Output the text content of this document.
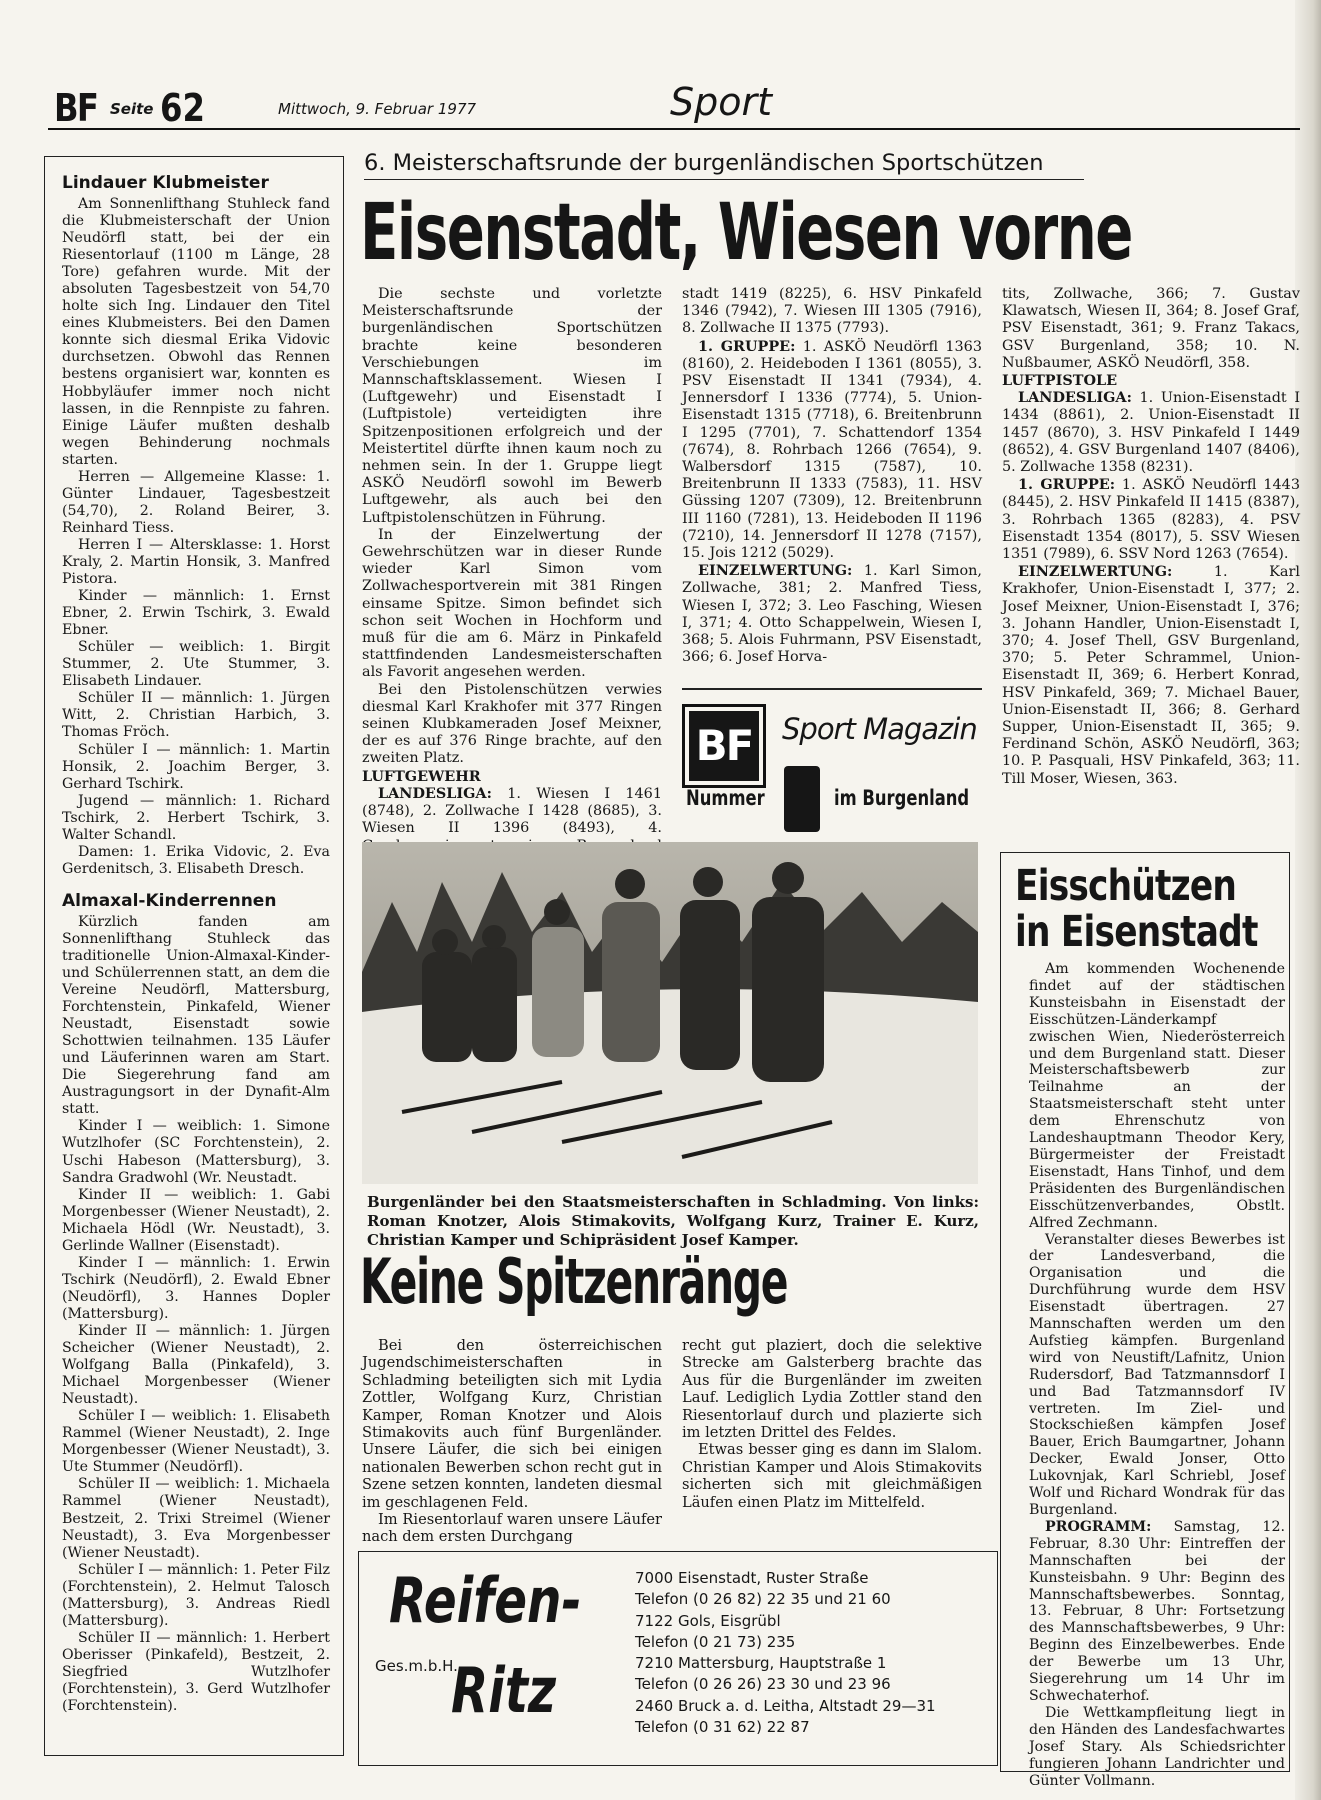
BF Seite 62	Mittwoch, 9. Februar 1977	Sport
Lindauer Klubmeister

Am Sonnenlifthang Stuhleck fand die Klubmeisterschaft der Union Neudörfl statt, bei der ein Riesentorlauf (1100 m Länge, 28 Tore) gefahren wurde. Mit der absoluten Tagesbestzeit von 54,70 holte sich Ing. Lindauer den Titel eines Klubmeisters. Bei den Damen konnte sich diesmal Erika Vidovic durchsetzen. Obwohl das Rennen bestens organisiert war, konnten es Hobbyläufer immer noch nicht lassen, in die Rennpiste zu fahren. Einige Läufer mußten deshalb wegen Behinderung nochmals starten.

Herren — Allgemeine Klasse: 1. Günter Lindauer, Tagesbestzeit (54,70), 2. Roland Beirer, 3. Reinhard Tiess.

Herren I — Altersklasse: 1. Horst Kraly, 2. Martin Honsik, 3. Manfred Pistora.

Kinder — männlich: 1. Ernst Ebner, 2. Erwin Tschirk, 3. Ewald Ebner.

Schüler — weiblich: 1. Birgit Stummer, 2. Ute Stummer, 3. Elisabeth Lindauer.

Schüler II — männlich: 1. Jürgen Witt, 2. Christian Harbich, 3. Thomas Fröch.

Schüler I — männlich: 1. Martin Honsik, 2. Joachim Berger, 3. Gerhard Tschirk.

Jugend — männlich: 1. Richard Tschirk, 2. Herbert Tschirk, 3. Walter Schandl.

Damen: 1. Erika Vidovic, 2. Eva Gerdenitsch, 3. Elisabeth Dresch.

Almaxal-Kinderrennen

Kürzlich fanden am Sonnenlifthang Stuhleck das traditionelle Union-Almaxal-Kinder- und Schülerrennen statt, an dem die Vereine Neudörfl, Mattersburg, Forchtenstein, Pinkafeld, Wiener Neustadt, Eisenstadt sowie Schottwien teilnahmen. 135 Läufer und Läuferinnen waren am Start. Die Siegerehrung fand am Austragungsort in der Dynafit-Alm statt.

Kinder I — weiblich: 1. Simone Wutzlhofer (SC Forchtenstein), 2. Uschi Habeson (Mattersburg), 3. Sandra Gradwohl (Wr. Neustadt.

Kinder II — weiblich: 1. Gabi Morgenbesser (Wiener Neustadt), 2. Michaela Hödl (Wr. Neustadt), 3. Gerlinde Wallner (Eisenstadt).

Kinder I — männlich: 1. Erwin Tschirk (Neudörfl), 2. Ewald Ebner (Neudörfl), 3. Hannes Dopler (Mattersburg).

Kinder II — männlich: 1. Jürgen Scheicher (Wiener Neustadt), 2. Wolfgang Balla (Pinkafeld), 3. Michael Morgenbesser (Wiener Neustadt).

Schüler I — weiblich: 1. Elisabeth Rammel (Wiener Neustadt), 2. Inge Morgenbesser (Wiener Neustadt), 3. Ute Stummer (Neudörfl).

Schüler II — weiblich: 1. Michaela Rammel (Wiener Neustadt), Bestzeit, 2. Trixi Streimel (Wiener Neustadt), 3. Eva Morgenbesser (Wiener Neustadt).

Schüler I — männlich: 1. Peter Filz (Forchtenstein), 2. Helmut Talosch (Mattersburg), 3. Andreas Riedl (Mattersburg).

Schüler II — männlich: 1. Herbert Oberisser (Pinkafeld), Bestzeit, 2. Siegfried Wutzlhofer (Forchtenstein), 3. Gerd Wutzlhofer (Forchtenstein).

6. Meisterschaftsrunde der burgenländischen Sportschützen
Eisenstadt, Wiesen vorne

Die sechste und vorletzte Meisterschaftsrunde der burgenländischen Sportschützen brachte keine besonderen Verschiebungen im Mannschaftsklassement. Wiesen I (Luftgewehr) und Eisenstadt I (Luftpistole) verteidigten ihre Spitzenpositionen erfolgreich und der Meistertitel dürfte ihnen kaum noch zu nehmen sein. In der 1. Gruppe liegt ASKÖ Neudörfl sowohl im Bewerb Luftgewehr, als auch bei den Luftpistolenschützen in Führung.

In der Einzelwertung der Gewehrschützen war in dieser Runde wieder Karl Simon vom Zollwachesportverein mit 381 Ringen einsame Spitze. Simon befindet sich schon seit Wochen in Hochform und muß für die am 6. März in Pinkafeld stattfindenden Landesmeisterschaften als Favorit angesehen werden.

Bei den Pistolenschützen verwies diesmal Karl Krakhofer mit 377 Ringen seinen Klubkameraden Josef Meixner, der es auf 376 Ringe brachte, auf den zweiten Platz.

LUFTGEWEHR

LANDESLIGA: 1. Wiesen I 1461 (8748), 2. Zollwache I 1428 (8685), 3. Wiesen II 1396 (8493), 4.

stadt 1419 (8225), 6. HSV Pinkafeld 1346 (7942), 7. Wiesen III 1305 (7916), 8. Zollwache II 1375 (7793).

1. GRUPPE: 1. ASKÖ Neudörfl 1363 (8160), 2. Heideboden I 1361 (8055), 3. PSV Eisenstadt II 1341 (7934), 4. Jennersdorf I 1336 (7774), 5. Union-Eisenstadt 1315 (7718), 6. Breitenbrunn I 1295 (7701), 7. Schattendorf 1354 (7674), 8. Rohrbach 1266 (7654), 9. Walbersdorf 1315 (7587), 10. Breitenbrunn II 1333 (7583), 11. HSV Güssing 1207 (7309), 12. Breitenbrunn III 1160 (7281), 13. Heideboden II 1196 (7210), 14. Jennersdorf II 1278 (7157), 15. Jois 1212 (5029).

EINZELWERTUNG: 1. Karl Simon, Zollwache, 381; 2. Manfred Tiess, Wiesen I, 372; 3. Leo Fasching, Wiesen I, 371; 4. Otto Schappelwein, Wiesen I, 368; 5. Alois Fuhrmann, PSV Eisenstadt, 366; 6. Josef Horva-

tits, Zollwache, 366; 7. Gustav Klawatsch, Wiesen II, 364; 8. Josef Graf, PSV Eisenstadt, 361; 9. Franz Takacs, GSV Burgenland, 358; 10. N. Nußbaumer, ASKÖ Neudörfl, 358.

LUFTPISTOLE

LANDESLIGA: 1. Union-Eisenstadt I 1434 (8861), 2. Union-Eisenstadt II 1457 (8670), 3. HSV Pinkafeld I 1449 (8652), 4. GSV Burgenland 1407 (8406), 5. Zollwache 1358 (8231).

1. GRUPPE: 1. ASKÖ Neudörfl 1443 (8445), 2. HSV Pinkafeld II 1415 (8387), 3. Rohrbach 1365 (8283), 4. PSV Eisenstadt 1354 (8017), 5. SSV Wiesen 1351 (7989), 6. SSV Nord 1263 (7654).

EINZELWERTUNG: 1. Karl Krakhofer, Union-Eisenstadt I, 377; 2. Josef Meixner, Union-Eisenstadt I, 376; 3. Johann Handler, Union-Eisenstadt I, 370; 4. Josef Thell, GSV Burgenland, 370; 5. Peter Schrammel, Union-Eisenstadt II, 369; 6. Herbert Konrad, HSV Pinkafeld, 369; 7. Michael Bauer, Union-Eisenstadt II, 366; 8. Gerhard Supper, Union-Eisenstadt II, 365; 9. Ferdinand Schön, ASKÖ Neudörfl, 363; 10. P. Pasquali, HSV Pinkafeld, 363; 11. Till Moser, Wiesen, 363.

BF Sport Magazin
Nummer	im Burgenland
Burgenländer bei den Staatsmeisterschaften in Schladming. Von links: Roman Knotzer, Alois Stimakovits, Wolfgang Kurz, Trainer E. Kurz, Christian Kamper und Schipräsident Josef Kamper.
Keine Spitzenränge

Bei den österreichischen Jugendschimeisterschaften in Schladming beteiligten sich mit Lydia Zottler, Wolfgang Kurz, Christian Kamper, Roman Knotzer und Alois Stimakovits auch fünf Burgenländer. Unsere Läufer, die sich bei einigen nationalen Bewerben schon recht gut in Szene setzen konnten, landeten diesmal im geschlagenen Feld.

Im Riesentorlauf waren unsere Läufer nach dem ersten Durchgang

recht gut plaziert, doch die selektive Strecke am Galsterberg brachte das Aus für die Burgenländer im zweiten Lauf. Lediglich Lydia Zottler stand den Riesentorlauf durch und plazierte sich im letzten Drittel des Feldes.

Etwas besser ging es dann im Slalom. Christian Kamper und Alois Stimakovits sicherten sich mit gleichmäßigen Läufen einen Platz im Mittelfeld.

Eisschützen
in Eisenstadt

Am kommenden Wochenende findet auf der städtischen Kunsteisbahn in Eisenstadt der Eisschützen-Länderkampf zwischen Wien, Niederösterreich und dem Burgenland statt. Dieser Meisterschaftsbewerb zur Teilnahme an der Staatsmeisterschaft steht unter dem Ehrenschutz von Landeshauptmann Theodor Kery, Bürgermeister der Freistadt Eisenstadt, Hans Tinhof, und dem Präsidenten des Burgenländischen Eisschützenverbandes, Obstlt. Alfred Zechmann.

Veranstalter dieses Bewerbes ist der Landesverband, die Organisation und die Durchführung wurde dem HSV Eisenstadt übertragen. 27 Mannschaften werden um den Aufstieg kämpfen. Burgenland wird von Neustift/Lafnitz, Union Rudersdorf, Bad Tatzmannsdorf I und Bad Tatzmannsdorf IV vertreten. Im Ziel- und Stockschießen kämpfen Josef Bauer, Erich Baumgartner, Johann Decker, Ewald Jonser, Otto Lukovnjak, Karl Schriebl, Josef Wolf und Richard Wondrak für das Burgenland.

PROGRAMM: Samstag, 12. Februar, 8.30 Uhr: Eintreffen der Mannschaften bei der Kunsteisbahn. 9 Uhr: Beginn des Mannschaftsbewerbes. Sonntag, 13. Februar, 8 Uhr: Fortsetzung des Mannschaftsbewerbes, 9 Uhr: Beginn des Einzelbewerbes. Ende der Bewerbe um 13 Uhr, Siegerehrung um 14 Uhr im Schwechaterhof.

Die Wettkampfleitung liegt in den Händen des Landesfachwartes Josef Stary. Als Schiedsrichter fungieren Johann Landrichter und Günter Vollmann.

Reifen-
Ritz
Ges.m.b.H.
7000 Eisenstadt, Ruster Straße
Telefon (0 26 82) 22 35 und 21 60
7122 Gols, Eisgrübl
Telefon (0 21 73) 235
7210 Mattersburg, Hauptstraße 1
Telefon (0 26 26) 23 30 und 23 96
2460 Bruck a. d. Leitha, Altstadt 29—31
Telefon (0 31 62) 22 87
